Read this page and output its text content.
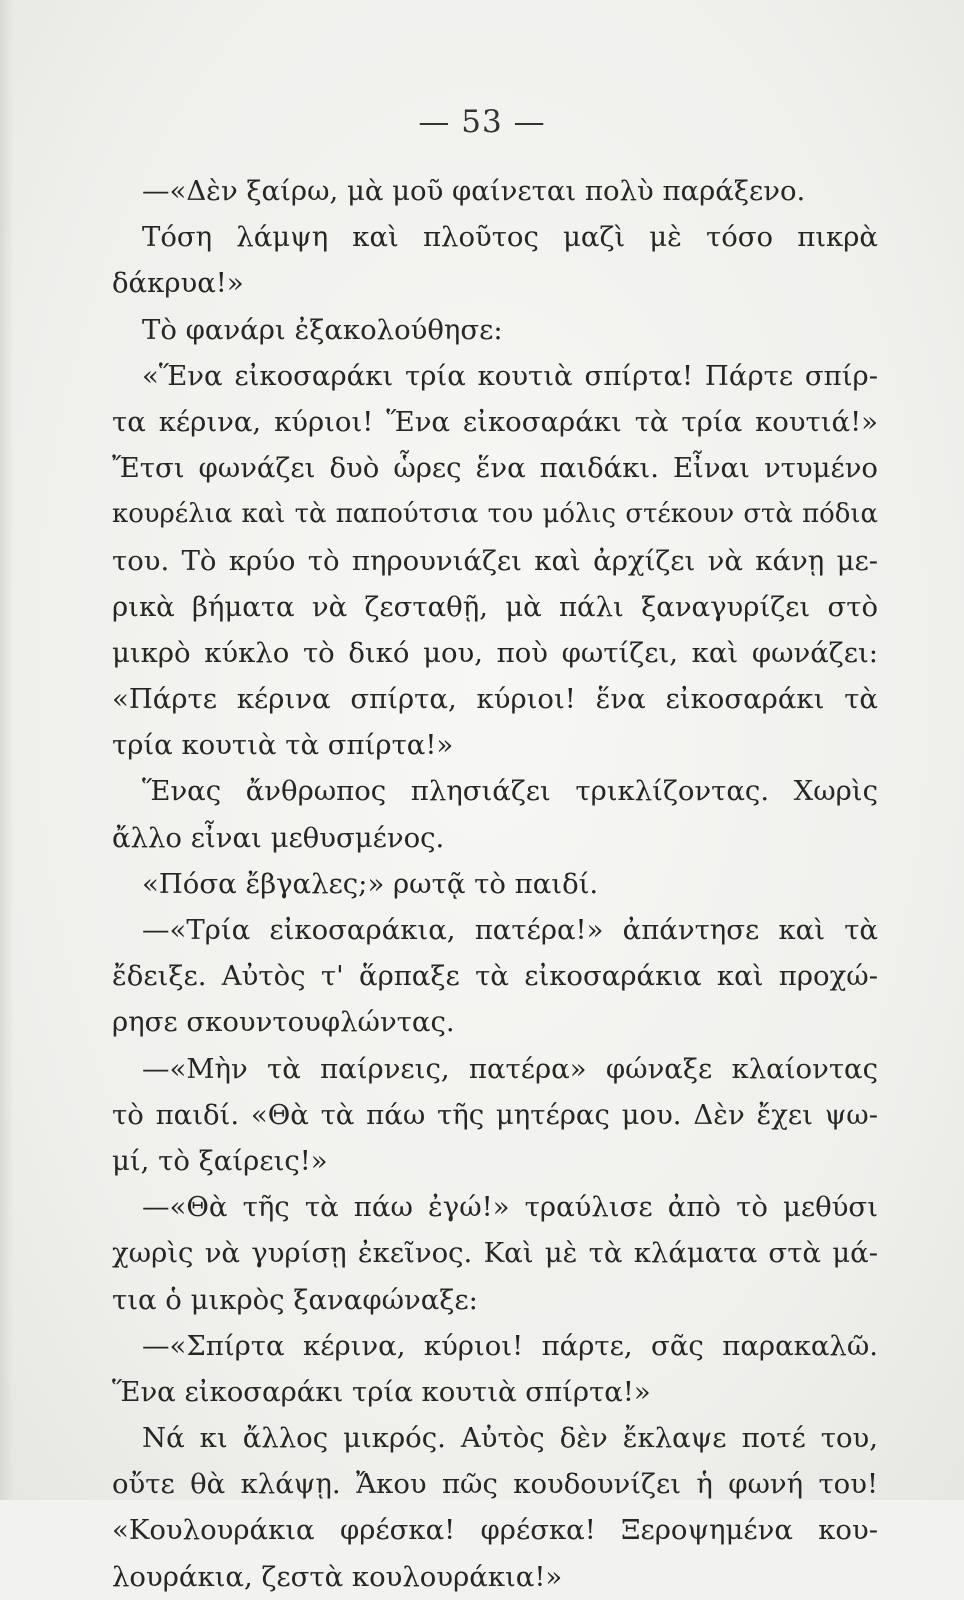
— 53 —
—«Δὲν ξαίρω, μὰ μοῦ φαίνεται πολὺ παράξενο.
Τόση λάμψη καὶ πλοῦτος μαζὶ μὲ τόσο πικρὰ
δάκρυα!»
Τὸ φανάρι ἐξακολούθησε:
«Ἕνα εἰκοσαράκι τρία κουτιὰ σπίρτα! Πάρτε σπίρ-
τα κέρινα, κύριοι! Ἕνα εἰκοσαράκι τὰ τρία κουτιά!»
Ἔτσι φωνάζει δυὸ ὧρες ἕνα παιδάκι. Εἶναι ντυμένο
κουρέλια καὶ τὰ παπούτσια του μόλις στέκουν στὰ πόδια
του. Τὸ κρύο τὸ πηρουνιάζει καὶ ἀρχίζει νὰ κάνῃ με-
ρικὰ βήματα νὰ ζεσταθῇ, μὰ πάλι ξαναγυρίζει στὸ
μικρὸ κύκλο τὸ δικό μου, ποὺ φωτίζει, καὶ φωνάζει:
«Πάρτε κέρινα σπίρτα, κύριοι! ἕνα εἰκοσαράκι τὰ
τρία κουτιὰ τὰ σπίρτα!»
Ἕνας ἄνθρωπος πλησιάζει τρικλίζοντας. Χωρὶς
ἄλλο εἶναι μεθυσμένος.
«Πόσα ἔβγαλες;» ρωτᾷ τὸ παιδί.
—«Τρία εἰκοσαράκια, πατέρα!» ἀπάντησε καὶ τὰ
ἔδειξε. Αὐτὸς τ' ἅρπαξε τὰ εἰκοσαράκια καὶ προχώ-
ρησε σκουντουφλώντας.
—«Μὴν τὰ παίρνεις, πατέρα» φώναξε κλαίοντας
τὸ παιδί. «Θὰ τὰ πάω τῆς μητέρας μου. Δὲν ἔχει ψω-
μί, τὸ ξαίρεις!»
—«Θὰ τῆς τὰ πάω ἐγώ!» τραύλισε ἀπὸ τὸ μεθύσι
χωρὶς νὰ γυρίσῃ ἐκεῖνος. Καὶ μὲ τὰ κλάματα στὰ μά-
τια ὁ μικρὸς ξαναφώναξε:
—«Σπίρτα κέρινα, κύριοι! πάρτε, σᾶς παρακαλῶ.
Ἕνα εἰκοσαράκι τρία κουτιὰ σπίρτα!»
Νά κι ἄλλος μικρός. Αὐτὸς δὲν ἔκλαψε ποτέ του,
οὔτε θὰ κλάψῃ. Ἄκου πῶς κουδουνίζει ἡ φωνή του!
«Κουλουράκια φρέσκα! φρέσκα! Ξεροψημένα κου-
λουράκια, ζεστὰ κουλουράκια!»
